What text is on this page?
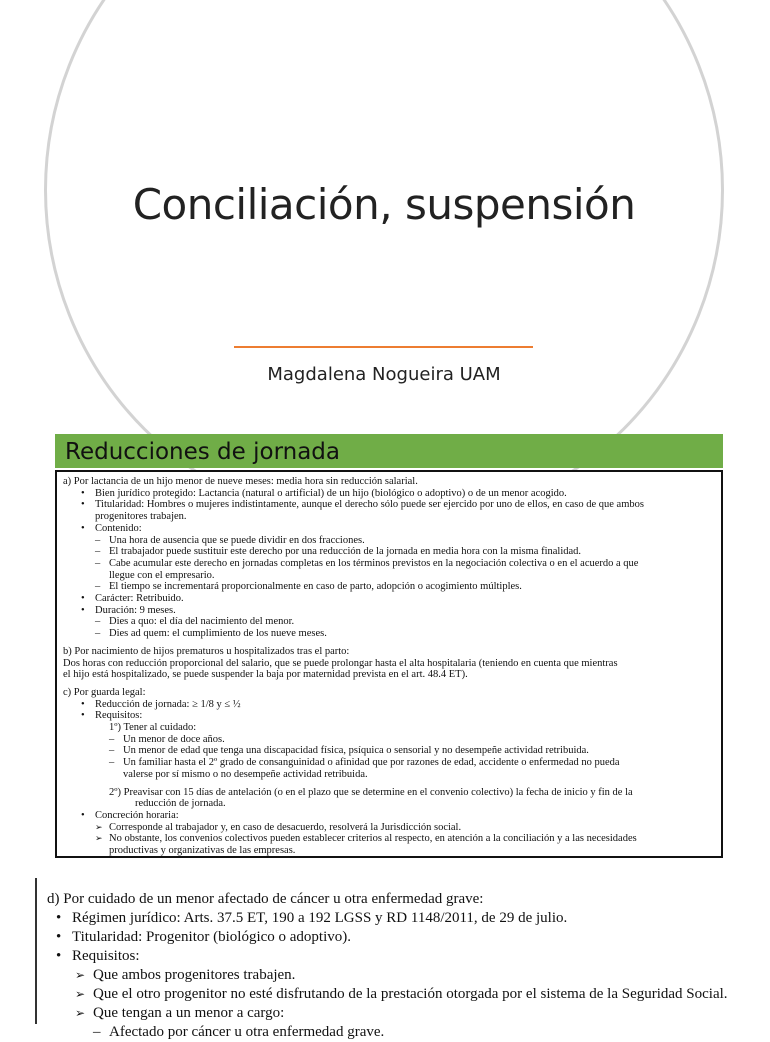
Conciliación, suspensión
Magdalena Nogueira UAM
Reducciones de jornada
a) Por lactancia de un hijo menor de nueve meses: media hora sin reducción salarial.
• Bien jurídico protegido: Lactancia (natural o artificial) de un hijo (biológico o adoptivo) o de un menor acogido.
• Titularidad: Hombres o mujeres indistintamente, aunque el derecho sólo puede ser ejercido por uno de ellos, en caso de que ambos
progenitores trabajen.
• Contenido:
– Una hora de ausencia que se puede dividir en dos fracciones.
– El trabajador puede sustituir este derecho por una reducción de la jornada en media hora con la misma finalidad.
– Cabe acumular este derecho en jornadas completas en los términos previstos en la negociación colectiva o en el acuerdo a que
llegue con el empresario.
– El tiempo se incrementará proporcionalmente en caso de parto, adopción o acogimiento múltiples.
• Carácter: Retribuido.
• Duración: 9 meses.
– Dies a quo: el día del nacimiento del menor.
– Dies ad quem: el cumplimiento de los nueve meses.
b) Por nacimiento de hijos prematuros u hospitalizados tras el parto:
Dos horas con reducción proporcional del salario, que se puede prolongar hasta el alta hospitalaria (teniendo en cuenta que mientras
el hijo está hospitalizado, se puede suspender la baja por maternidad prevista en el art. 48.4 ET).
c) Por guarda legal:
• Reducción de jornada: ≥ 1/8 y ≤ ½
• Requisitos:
1º) Tener al cuidado:
– Un menor de doce años.
– Un menor de edad que tenga una discapacidad física, psíquica o sensorial y no desempeñe actividad retribuida.
– Un familiar hasta el 2º grado de consanguinidad o afinidad que por razones de edad, accidente o enfermedad no pueda
valerse por sí mismo o no desempeñe actividad retribuida.
2º) Preavisar con 15 días de antelación (o en el plazo que se determine en el convenio colectivo) la fecha de inicio y fin de la
reducción de jornada.
• Concreción horaria:
➢ Corresponde al trabajador y, en caso de desacuerdo, resolverá la Jurisdicción social.
➢ No obstante, los convenios colectivos pueden establecer criterios al respecto, en atención a la conciliación y a las necesidades
productivas y organizativas de las empresas.
d) Por cuidado de un menor afectado de cáncer u otra enfermedad grave:
• Régimen jurídico: Arts. 37.5 ET, 190 a 192 LGSS y RD 1148/2011, de 29 de julio.
• Titularidad: Progenitor (biológico o adoptivo).
• Requisitos:
➢ Que ambos progenitores trabajen.
➢ Que el otro progenitor no esté disfrutando de la prestación otorgada por el sistema de la Seguridad Social.
➢ Que tengan a un menor a cargo:
– Afectado por cáncer u otra enfermedad grave.
